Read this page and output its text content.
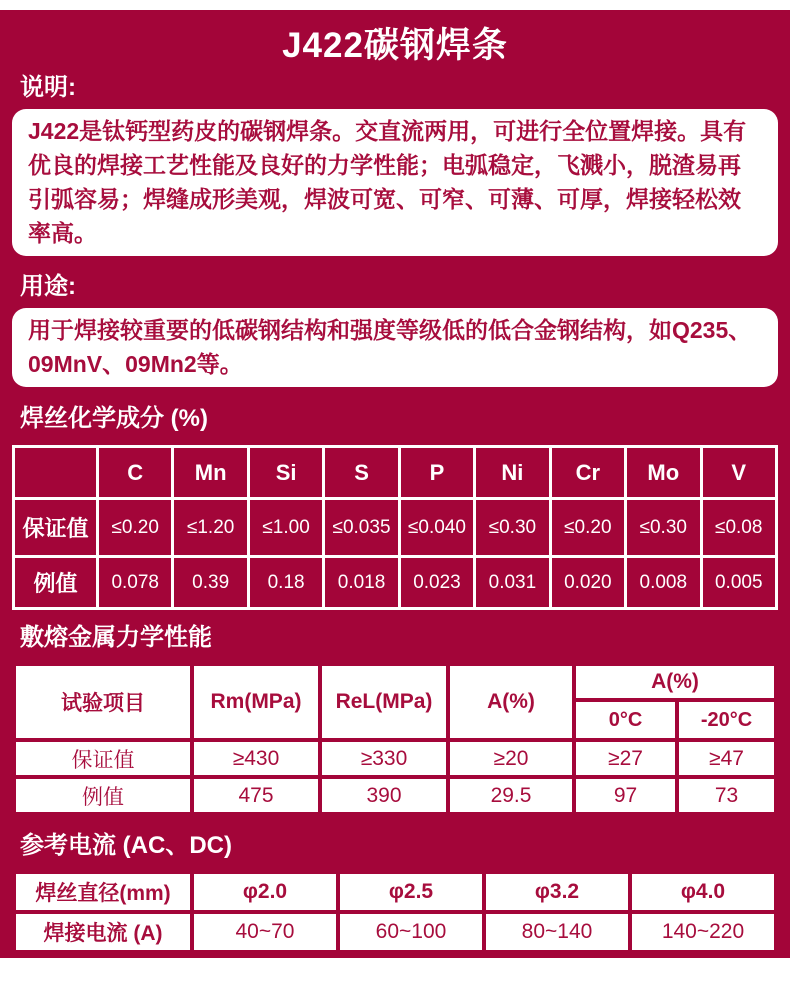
J422碳钢焊条
说明:
J422是钛钙型药皮的碳钢焊条。交直流两用，可进行全位置焊接。具有优良的焊接工艺性能及良好的力学性能；电弧稳定，飞溅小，脱渣易再引弧容易；焊缝成形美观，焊波可宽、可窄、可薄、可厚，焊接轻松效率高。
用途:
用于焊接较重要的低碳钢结构和强度等级低的低合金钢结构，如Q235、09MnV、09Mn2等。
焊丝化学成分 (%)
	C	Mn	Si	S	P	Ni	Cr	Mo	V
保证值	≤0.20	≤1.20	≤1.00	≤0.035	≤0.040	≤0.30	≤0.20	≤0.30	≤0.08
例值	0.078	0.39	0.18	0.018	0.023	0.031	0.020	0.008	0.005
敷熔金属力学性能
试验项目	Rm(MPa)	ReL(MPa)	A(%)	A(%)	
				0°C	-20°C
保证值	≥430	≥330	≥20	≥27	≥47
例值	475	390	29.5	97	73
参考电流 (AC、DC)
焊丝直径(mm)	φ2.0	φ2.5	φ3.2	φ4.0
焊接电流 (A)	40~70	60~100	80~140	140~220
注：一切产品以实物为准
